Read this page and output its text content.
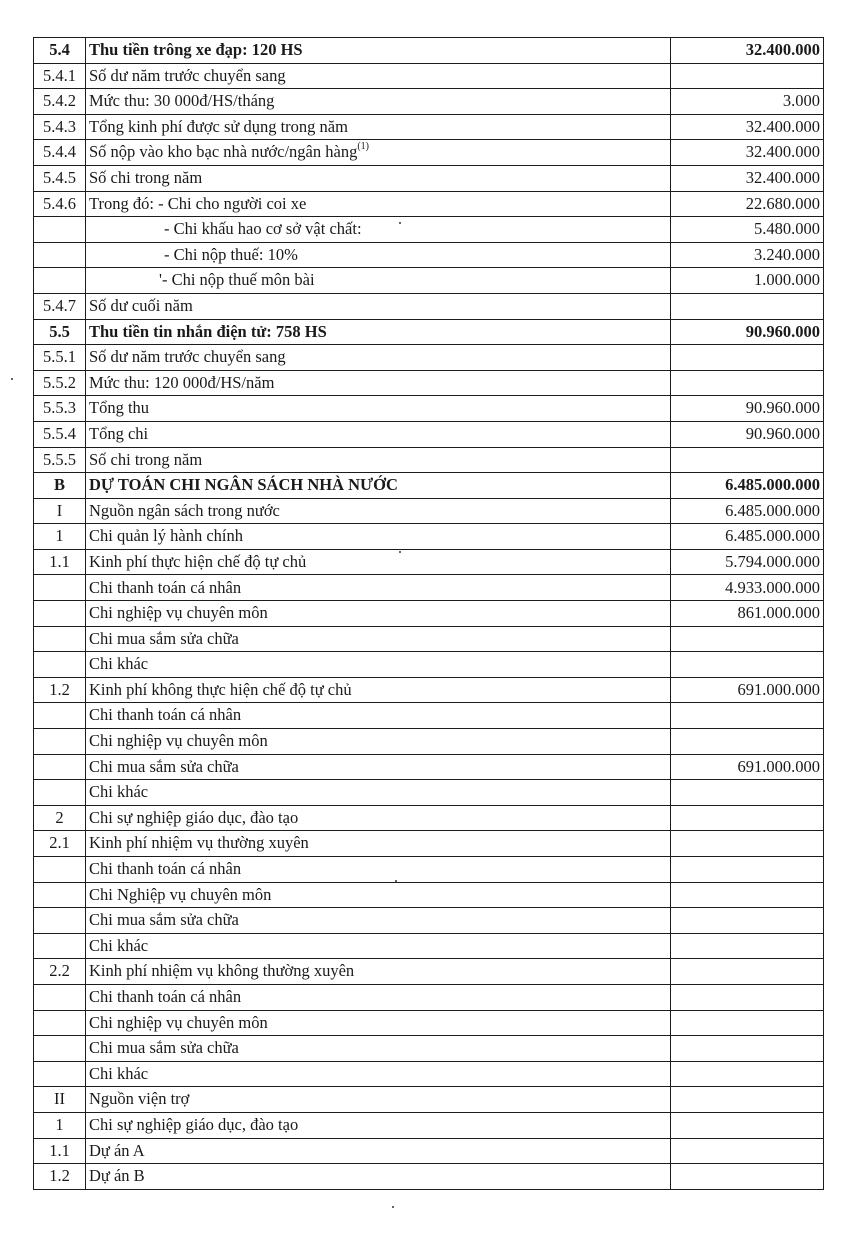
5.4	Thu tiền trông xe đạp: 120 HS	32.400.000
5.4.1	Số dư năm trước chuyển sang	
5.4.2	Mức thu: 30 000đ/HS/tháng	3.000
5.4.3	Tổng kinh phí được sử dụng trong năm	32.400.000
5.4.4	Số nộp vào kho bạc nhà nước/ngân hàng$^{(1)}$	32.400.000
5.4.5	Số chi trong năm	32.400.000
5.4.6	Trong đó: - Chi cho người coi xe	22.680.000
	- Chi khấu hao cơ sở vật chất:	5.480.000
	- Chi nộp thuế: 10%	3.240.000
	'- Chi nộp thuế môn bài	1.000.000
5.4.7	Số dư cuối năm	
5.5	Thu tiền tin nhắn điện tử: 758 HS	90.960.000
5.5.1	Số dư năm trước chuyển sang	
5.5.2	Mức thu: 120 000đ/HS/năm	
5.5.3	Tổng thu	90.960.000
5.5.4	Tổng chi	90.960.000
5.5.5	Số chi trong năm	
B	DỰ TOÁN CHI NGÂN SÁCH NHÀ NƯỚC	6.485.000.000
I	Nguồn ngân sách trong nước	6.485.000.000
1	Chi quản lý hành chính	6.485.000.000
1.1	Kinh phí thực hiện chế độ tự chủ	5.794.000.000
	Chi thanh toán cá nhân	4.933.000.000
	Chi nghiệp vụ chuyên môn	861.000.000
	Chi mua sắm sửa chữa	
	Chi khác	
1.2	Kinh phí không thực hiện chế độ tự chủ	691.000.000
	Chi thanh toán cá nhân	
	Chi nghiệp vụ chuyên môn	
	Chi mua sắm sửa chữa	691.000.000
	Chi khác	
2	Chi sự nghiệp giáo dục, đào tạo	
2.1	Kinh phí nhiệm vụ thường xuyên	
	Chi thanh toán cá nhân	
	Chi Nghiệp vụ chuyên môn	
	Chi mua sắm sửa chữa	
	Chi khác	
2.2	Kinh phí nhiệm vụ không thường xuyên	
	Chi thanh toán cá nhân	
	Chi nghiệp vụ chuyên môn	
	Chi mua sắm sửa chữa	
	Chi khác	
II	Nguồn viện trợ	
1	Chi sự nghiệp giáo dục, đào tạo	
1.1	Dự án A	
1.2	Dự án B	
